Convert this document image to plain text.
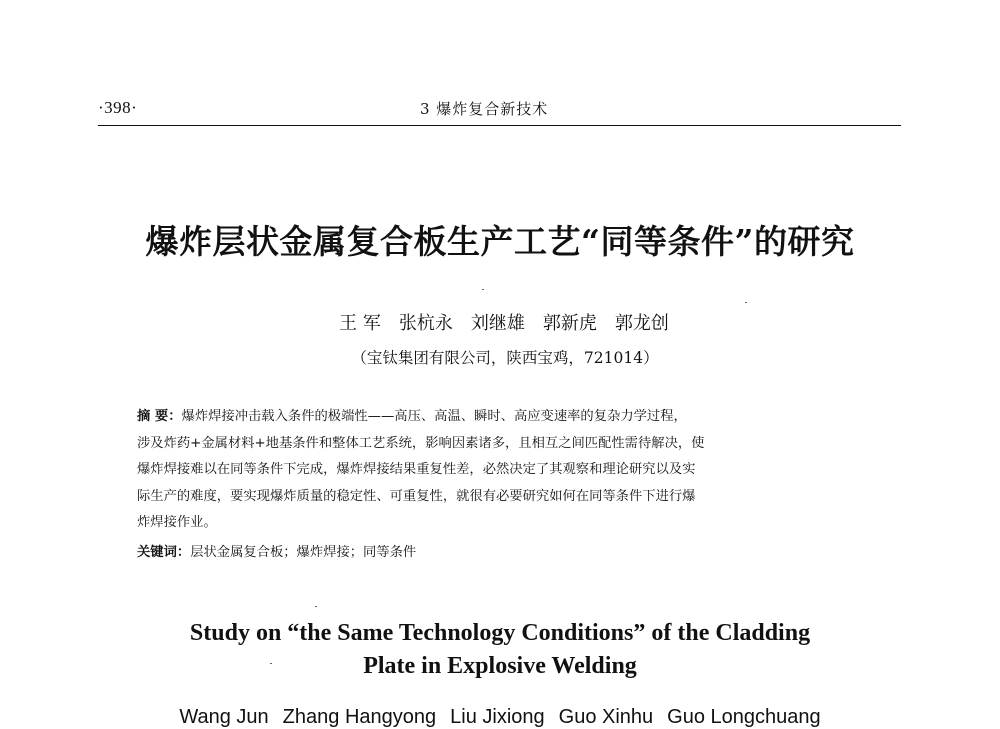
·398·	3 爆炸复合新技术
爆炸层状金属复合板生产工艺“同等条件”的研究
王 军 张杭永 刘继雄 郭新虎 郭龙创
（宝钛集团有限公司，陕西宝鸡，721014）
摘 要：爆炸焊接冲击载入条件的极端性——高压、高温、瞬时、高应变速率的复杂力学过程，
涉及炸药+金属材料+地基条件和整体工艺系统，影响因素诸多，且相互之间匹配性需待解决，使
爆炸焊接难以在同等条件下完成，爆炸焊接结果重复性差，必然决定了其观察和理论研究以及实
际生产的难度，要实现爆炸质量的稳定性、可重复性，就很有必要研究如何在同等条件下进行爆
炸焊接作业。
关键词：层状金属复合板；爆炸焊接；同等条件
Study on “the Same Technology Conditions” of the Cladding
Plate in Explosive Welding
Wang Jun Zhang Hangyong Liu Jixiong Guo Xinhu Guo Longchuang
